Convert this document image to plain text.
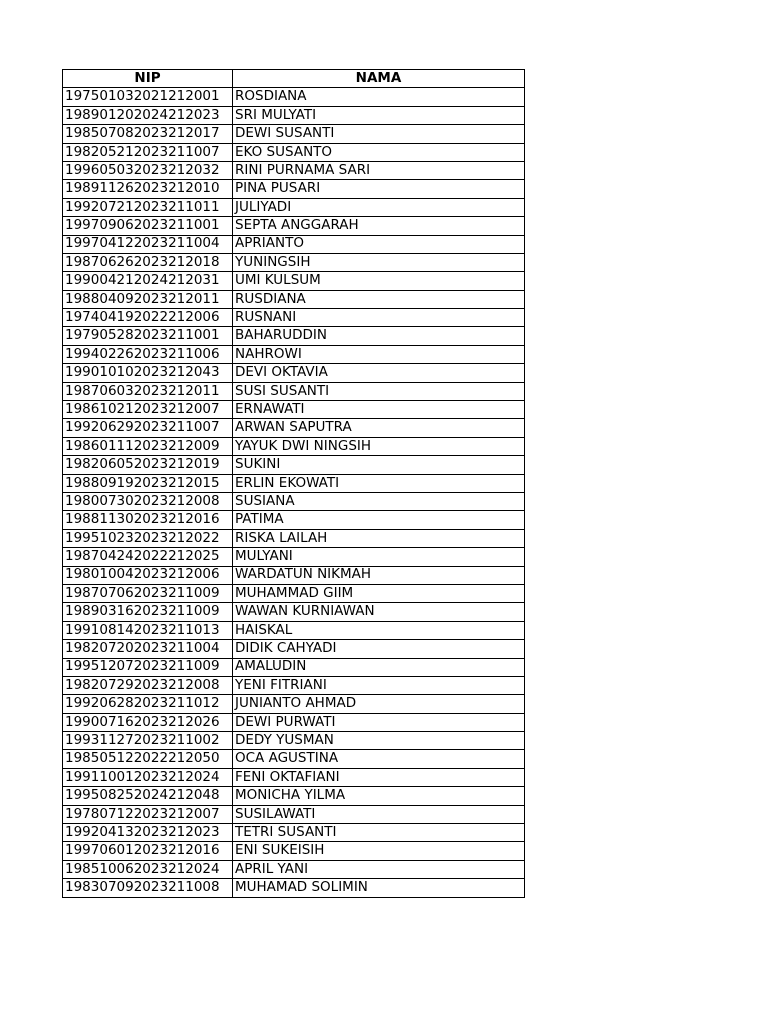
NIP	NAMA
197501032021212001	ROSDIANA
198901202024212023	SRI MULYATI
198507082023212017	DEWI SUSANTI
198205212023211007	EKO SUSANTO
199605032023212032	RINI PURNAMA SARI
198911262023212010	PINA PUSARI
199207212023211011	JULIYADI
199709062023211001	SEPTA ANGGARAH
199704122023211004	APRIANTO
198706262023212018	YUNINGSIH
199004212024212031	UMI KULSUM
198804092023212011	RUSDIANA
197404192022212006	RUSNANI
197905282023211001	BAHARUDDIN
199402262023211006	NAHROWI
199010102023212043	DEVI OKTAVIA
198706032023212011	SUSI SUSANTI
198610212023212007	ERNAWATI
199206292023211007	ARWAN SAPUTRA
198601112023212009	YAYUK DWI NINGSIH
198206052023212019	SUKINI
198809192023212015	ERLIN EKOWATI
198007302023212008	SUSIANA
198811302023212016	PATIMA
199510232023212022	RISKA LAILAH
198704242022212025	MULYANI
198010042023212006	WARDATUN NIKMAH
198707062023211009	MUHAMMAD GIIM
198903162023211009	WAWAN KURNIAWAN
199108142023211013	HAISKAL
198207202023211004	DIDIK CAHYADI
199512072023211009	AMALUDIN
198207292023212008	YENI FITRIANI
199206282023211012	JUNIANTO AHMAD
199007162023212026	DEWI PURWATI
199311272023211002	DEDY YUSMAN
198505122022212050	OCA AGUSTINA
199110012023212024	FENI OKTAFIANI
199508252024212048	MONICHA YILMA
197807122023212007	SUSILAWATI
199204132023212023	TETRI SUSANTI
199706012023212016	ENI SUKEISIH
198510062023212024	APRIL YANI
198307092023211008	MUHAMAD SOLIMIN
